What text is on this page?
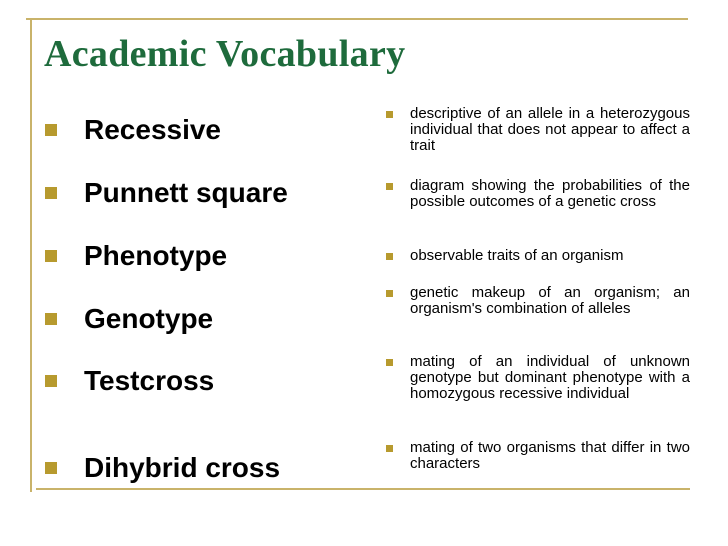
Academic Vocabulary
Recessive
Punnett square
Phenotype
Genotype
Testcross
Dihybrid cross
descriptive of an allele in a heterozygous individual that does not appear to affect a trait
diagram showing the probabilities of the possible outcomes of a genetic cross
observable traits of an organism
genetic makeup of an organism; an organism's combination of alleles
mating of an individual of unknown genotype but dominant phenotype with a homozygous recessive individual
mating of two organisms that differ in two characters
